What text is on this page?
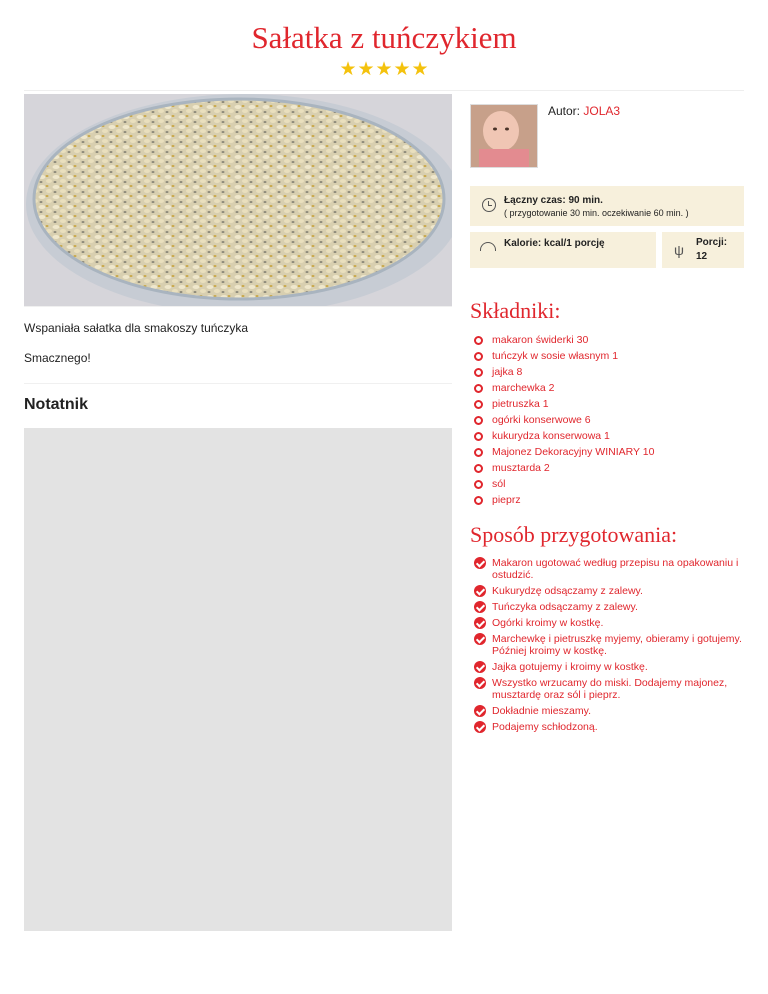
Sałatka z tuńczykiem
★★★★★

Wspaniała sałatka dla smakoszy tuńczyka

Smacznego!

Notatnik
Autor: JOLA3
Łączny czas: 90 min.
( przygotowanie 30 min. oczekiwanie 60 min. )
Kalorie: kcal/1 porcję	ψ Porcji:
12
Składniki:
makaron świderki 30
tuńczyk w sosie własnym 1
jajka 8
marchewka 2
pietruszka 1
ogórki konserwowe 6
kukurydza konserwowa 1
Majonez Dekoracyjny WINIARY 10
musztarda 2
sól
pieprz
Sposób przygotowania:
Makaron ugotować według przepisu na opakowaniu i ostudzić.
Kukurydzę odsączamy z zalewy.
Tuńczyka odsączamy z zalewy.
Ogórki kroimy w kostkę.
Marchewkę i pietruszkę myjemy, obieramy i gotujemy. Później kroimy w kostkę.
Jajka gotujemy i kroimy w kostkę.
Wszystko wrzucamy do miski. Dodajemy majonez, musztardę oraz sól i pieprz.
Dokładnie mieszamy.
Podajemy schłodzoną.
